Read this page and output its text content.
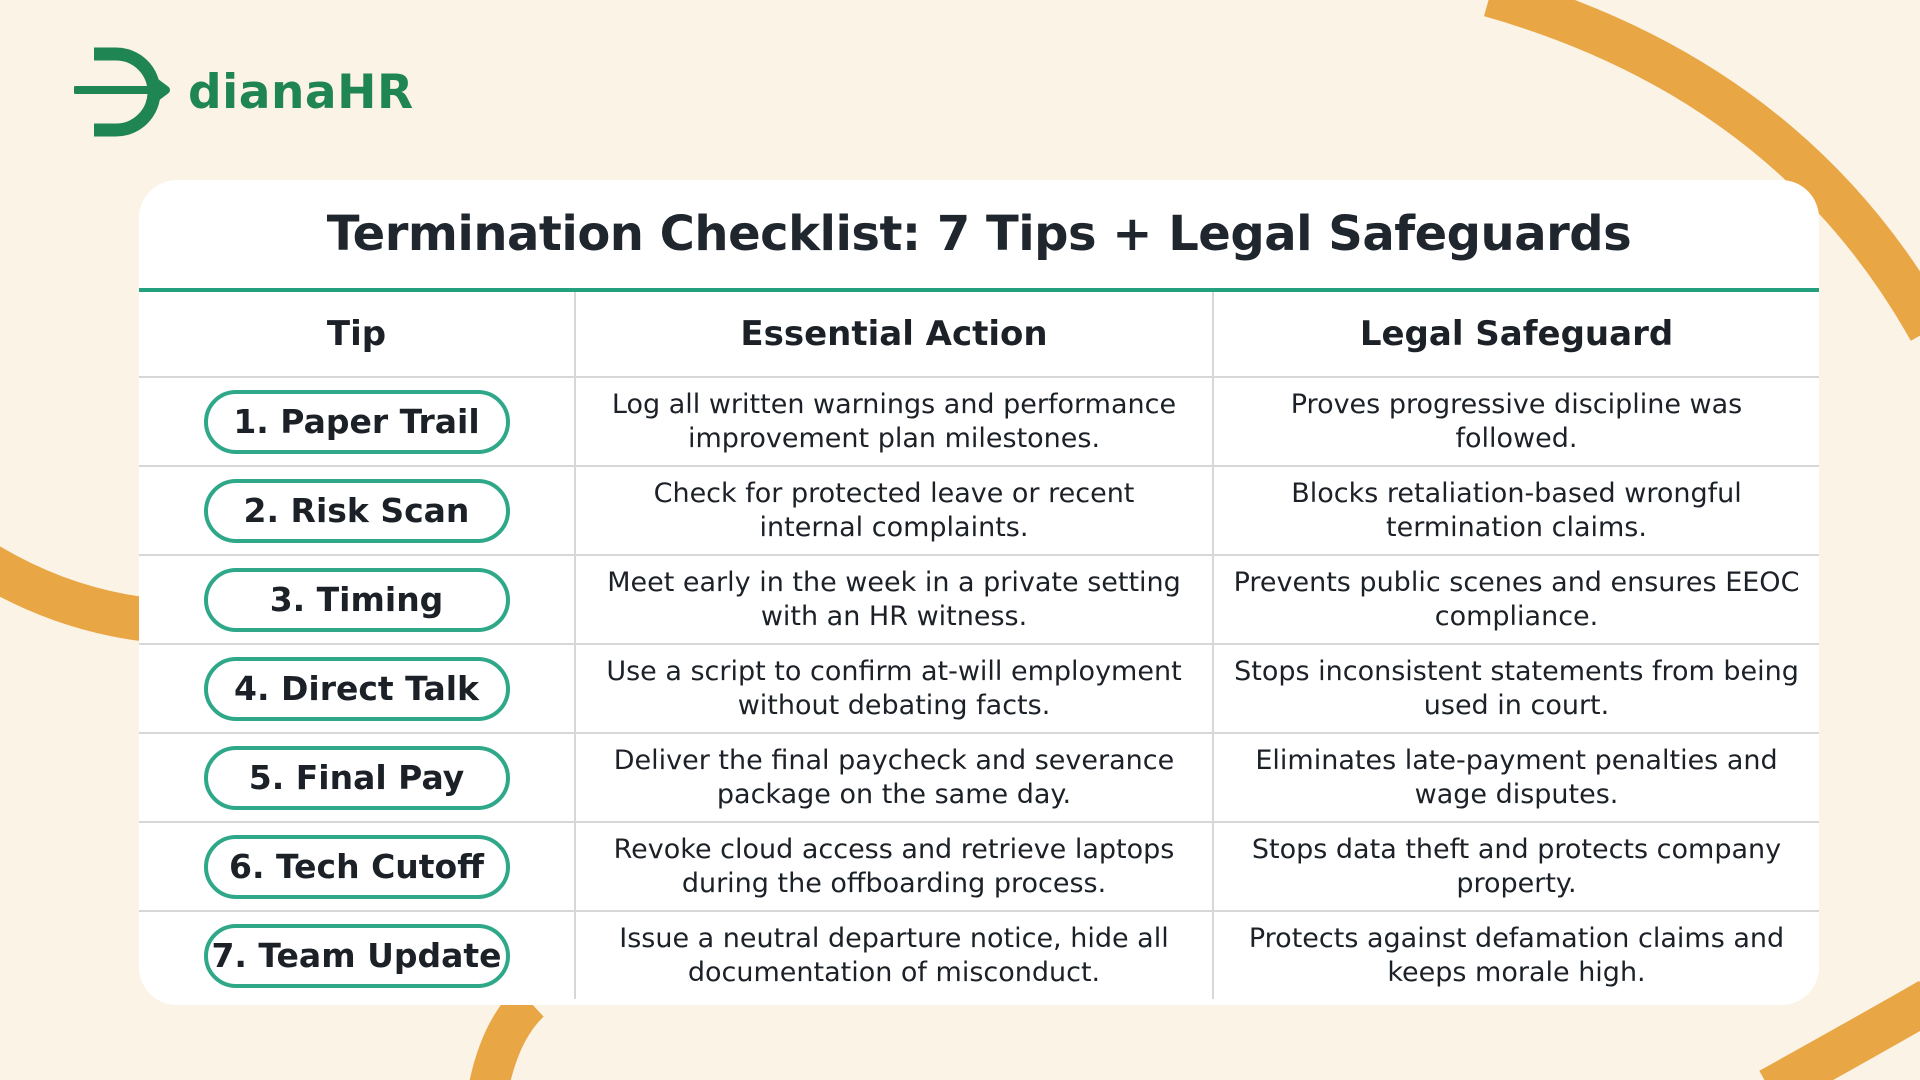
dianaHR
Termination Checklist: 7 Tips + Legal Safeguards
Tip	Essential Action	Legal Safeguard
1. Paper Trail	Log all written warnings and performance improvement plan milestones.	Proves progressive discipline was followed.
2. Risk Scan	Check for protected leave or recent internal complaints.	Blocks retaliation-based wrongful termination claims.
3. Timing	Meet early in the week in a private setting with an HR witness.	Prevents public scenes and ensures EEOC compliance.
4. Direct Talk	Use a script to confirm at-will employment without debating facts.	Stops inconsistent statements from being used in court.
5. Final Pay	Deliver the final paycheck and severance package on the same day.	Eliminates late-payment penalties and wage disputes.
6. Tech Cutoff	Revoke cloud access and retrieve laptops during the offboarding process.	Stops data theft and protects company property.
7. Team Update	Issue a neutral departure notice, hide all documentation of misconduct.	Protects against defamation claims and keeps morale high.
